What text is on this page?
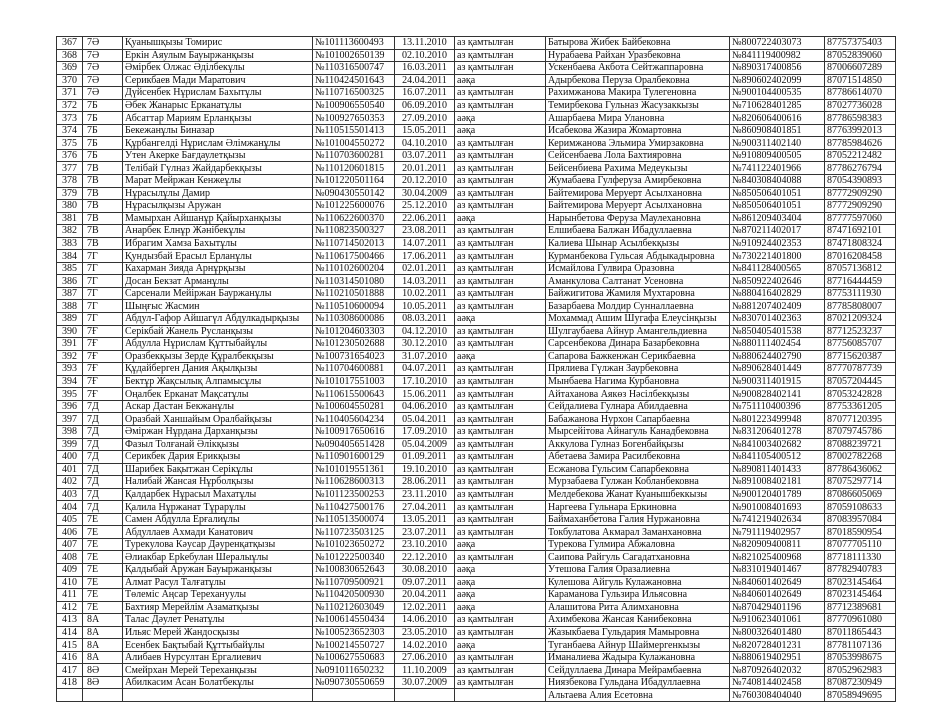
367	7Ә	Қуанышқызы Томирис	№101113600493	13.11.2010	аз қамтылған	Батырова Жибек Байбековна	№800722403073	87757375403
368	7Ә	Еркін Аяулым Бауыржанқызы	№101002650139	02.10.2010	аз қамтылған	Нурабаева Райхан Уразбековна	№841119400982	87052839060
369	7Ә	Әмірбек Олжас Әділбекұлы	№110316500747	16.03.2011	аз қамтылған	Ускенбаева Акбота Сейтжаппаровна	№890317400856	87006607289
370	7Ә	Серикбаев Мади Маратович	№110424501643	24.04.2011	аәқа	Адырбекова Перуза Оралбековна	№890602402099	87071514850
371	7Ә	Дүйсенбек Нұрислам Бахытұлы	№110716500325	16.07.2011	аз қамтылған	Рахимжанова Макира Тулегеновна	№900104400535	87786614070
372	7Б	Әбек Жанарыс Ерканатұлы	№100906550540	06.09.2010	аз қамтылған	Темирбекова Гульназ Жасузаккызы	№710628401285	87027736028
373	7Б	Абсаттар Мариям Ерланқызы	№100927650353	27.09.2010	аәқа	Ашарбаева Мира Улановна	№820606400616	87786598383
374	7Б	Бекежанұлы Биназар	№110515501413	15.05.2011	аәқа	Исабекова Жазира Жомартовна	№860908401851	87763992013
375	7Б	Құрбангелді Нұрислам Әлімжанұлы	№101004550272	04.10.2010	аз қамтылған	Керимжанова Эльмира Умирзаковна	№900311402140	87785984626
376	7Б	Утен Акерке Бағдаулетқызы	№110703600281	03.07.2011	аз қамтылған	Сейсенбаева Лола Бахтияровна	№910809400505	87052212482
377	7В	Телібай Гүлназ Жайдарбекқызы	№110120601815	20.01.2011	аз қамтылған	Бейсенбиева Рахима Медеукызы	№741122401966	87786276794
378	7В	Марат Мейржан Кенжеұлы	№101220501164	20.12.2010	аз қамтылған	Жумабаева Гулферуза Амирбековна	№840308404088	87054390893
379	7В	Нұрасылұлы Дамир	№090430550142	30.04.2009	аз қамтылған	Байтемирова Меруерт Асылхановна	№850506401051	87772909290
380	7В	Нұрасылқызы Аружан	№101225600076	25.12.2010	аз қамтылған	Байтемирова Меруерт Асылхановна	№850506401051	87772909290
381	7В	Мамырхан Айшанұр Қайырханқызы	№110622600370	22.06.2011	аәқа	Нарынбетова Феруза Маулехановна	№861209403404	87777597060
382	7В	Анарбек Елнұр Жәнібекұлы	№110823500327	23.08.2011	аз қамтылған	Елшибаева Балжан Ибадуллаевна	№870211402017	87471692101
383	7В	Ибрагим Хамза Бахытұлы	№110714502013	14.07.2011	аз қамтылған	Калиева Шынар Асылбекқызы	№910924402353	87471808324
384	7Г	Қундызбай Ерасыл Ерланұлы	№110617500466	17.06.2011	аз қамтылған	Курманбекова Гульсая Абдыкадыровна	№730221401800	87016208458
385	7Г	Кахарман Зияда Арнұрқызы	№110102600204	02.01.2011	аз қамтылған	Исмайлова Гулвира Оразовна	№841128400565	87057136812
386	7Г	Досан Бекзат Арманұлы	№110314501080	14.03.2011	аз қамтылған	Аманкулова Салтанат Усеновна	№850922402646	87716444459
387	7Г	Сарсенали Мейіржан Бауржанұлы	№110210501888	10.02.2011	аз қамтылған	Байжигитова Жамиля Мухтаровна	№880416402829	87753111930
388	7Г	Шыңғыс Жасмин	№110510600094	10.05.2011	аз қамтылған	Базарбаева Молдир Сунналлаевна	№881207402409	87785808007
389	7Г	Абдул-Гафор Айшагүл Абдулкадырқызы	№110308600086	08.03.2011	аәқа	Мохаммад Ашим Шугафа Елеусінқызы	№830701402363	87021209324
390	7Ғ	Серікбай Жанель Русланқызы	№101204603303	04.12.2010	аз қамтылған	Шулгаубаева Айнур Амангельдиевна	№850405401538	87712523237
391	7Ғ	Абдулла Нұрислам Құттыбайұлы	№101230502688	30.12.2010	аз қамтылған	Сарсенбекова Динара Базарбековна	№880111402454	87756085707
392	7Ғ	Оразбекқызы Зерде Құралбекқызы	№100731654023	31.07.2010	аәқа	Сапарова Бажкенжан Серикбаевна	№880624402790	87715620387
393	7Ғ	Құдайберген Дания Ақылқызы	№110704600881	04.07.2011	аз қамтылған	Прялиева Гүлжан Заурбековна	№890628401449	87770787739
394	7Ғ	Бектұр Жақсылық Алпамысұлы	№101017551003	17.10.2010	аз қамтылған	Мынбаева Нагима Курбановна	№900311401915	87057204445
395	7Ғ	Оңалбек Ерканат Мақсатұлы	№110615500643	15.06.2011	аз қамтылған	Айтаханова Аякөз Нәсілбекқызы	№900828402141	87053242828
396	7Д	Аскар Дастан Бекжанұлы	№100604550281	04.06.2010	аз қамтылған	Сейдалиева Гулнара Абилдаевна	№751110400396	87753361205
397	7Д	Оразбай Ханшайым Оралбайқызы	№110405604234	05.04.2011	аз қамтылған	Бабажанова Нурхон Сапарбаевна	№801223499948	87077120395
398	7Д	Әміржан Нұрдана Дарханқызы	№100917650616	17.09.2010	аз қамтылған	Мырсейітова Айнагуль Канадбековна	№831206401278	87079745786
399	7Д	Фазыл Толғанай Әлікқызы	№090405651428	05.04.2009	аз қамтылған	Аккулова Гулназ Богенбайқызы	№841003402682	87088239721
400	7Д	Серикбек Дария Ерикқызы	№110901600129	01.09.2011	аз қамтылған	Абетаева Замира Расилбековна	№841105400512	87002782268
401	7Д	Шарибек Бақытжан Серікұлы	№101019551361	19.10.2010	аз қамтылған	Есжанова Гульсим Сапарбековна	№890811401433	87786436062
402	7Д	Налибай Жансая Нұрболқызы	№110628600313	28.06.2011	аз қамтылған	Мурзабаева Гулжан Кобланбековна	№891008402181	87075297714
403	7Д	Қалдарбек Нұрасыл Махатұлы	№101123500253	23.11.2010	аз қамтылған	Мелдебекова Жанат Куанышбеккызы	№900120401789	87086605069
404	7Д	Қалила Нұржанат Тұрарұлы	№110427500176	27.04.2011	аз қамтылған	Наргеева Гульнара Еркиновна	№901008401693	87059108633
405	7Е	Самен Абдулла Ерғалиұлы	№110513500074	13.05.2011	аз қамтылған	Баймаханбетова Галия Нуржановна	№741219402634	87083957084
406	7Е	Абдуллаев Ахмади Канатович	№110723503125	23.07.2011	аз қамтылған	Токбулатова Акмарал Заманхановна	№791119402957	87018590954
407	7Е	Турекулова Кәусар Дәуренқатқызы	№101023650272	23.10.2010	аәқа	Турекова Гулмира Абжаловна	№820909400811	87077705110
408	7Е	Әлиакбар Ерkебулан Шералыұлы	№101222500340	22.12.2010	аз қамтылған	Саипова Райгуль Сагадатхановна	№821025400968	87718111330
409	7Е	Қалдыбай Аружан Бауыржанқызы	№100830652643	30.08.2010	аәқа	Утешова Галия Оразалиевна	№831019401467	87782940783
410	7Е	Алмат Расул Талғатұлы	№110709500921	09.07.2011	аәқа	Кулешова Айгуль Кулажановна	№840601402649	87023145464
411	7Е	Төлеміс Аңсар Терехануулы	№110420500930	20.04.2011	аәқа	Караманова Гульзира Ильясовна	№840601402649	87023145464
412	7Е	Бахтияр Мерейлім Азаматқызы	№110212603049	12.02.2011	аәқа	Алашитова Рита Алимхановна	№870429401196	87712389681
413	8А	Талас Дәулет Ренатұлы	№100614550434	14.06.2010	аз қамтылған	Ахимбекова Жансая Канибековна	№910623401061	87770961080
414	8А	Ильяс Мерей Жандосқызы	№100523652303	23.05.2010	аз қамтылған	Жазыкбаева Гульдария Мамыровна	№800326401480	87011865443
415	8А	Есенбек Бақтыбай Құттыбайұлы	№100214550727	14.02.2010	аәқа	Туганбаева Айнур Шаймергенкызы	№820728401231	87781107136
416	8А	Алибаев Нурсултан Ергалиевич	№100627550683	27.06.2010	аз қамтылған	Иманалиева Жадыра Кулажановна	№880619402951	87053998675
417	8Ә	Смейрхан Мерей Тереханқызы	№091011650232	11.10.2009	аз қамтылған	Сейдуллаева Динара Мейрамбаевна	№870926402032	87052962983
418	8Ә	Абилкасим Асан Болатбекұлы	№090730550659	30.07.2009	аз қамтылған	Ниязбекова Гульдана Ибадуллаевна	№740814402458	87087230949
						Альтаева Алия Есетовна	№760308404040	87058949695
